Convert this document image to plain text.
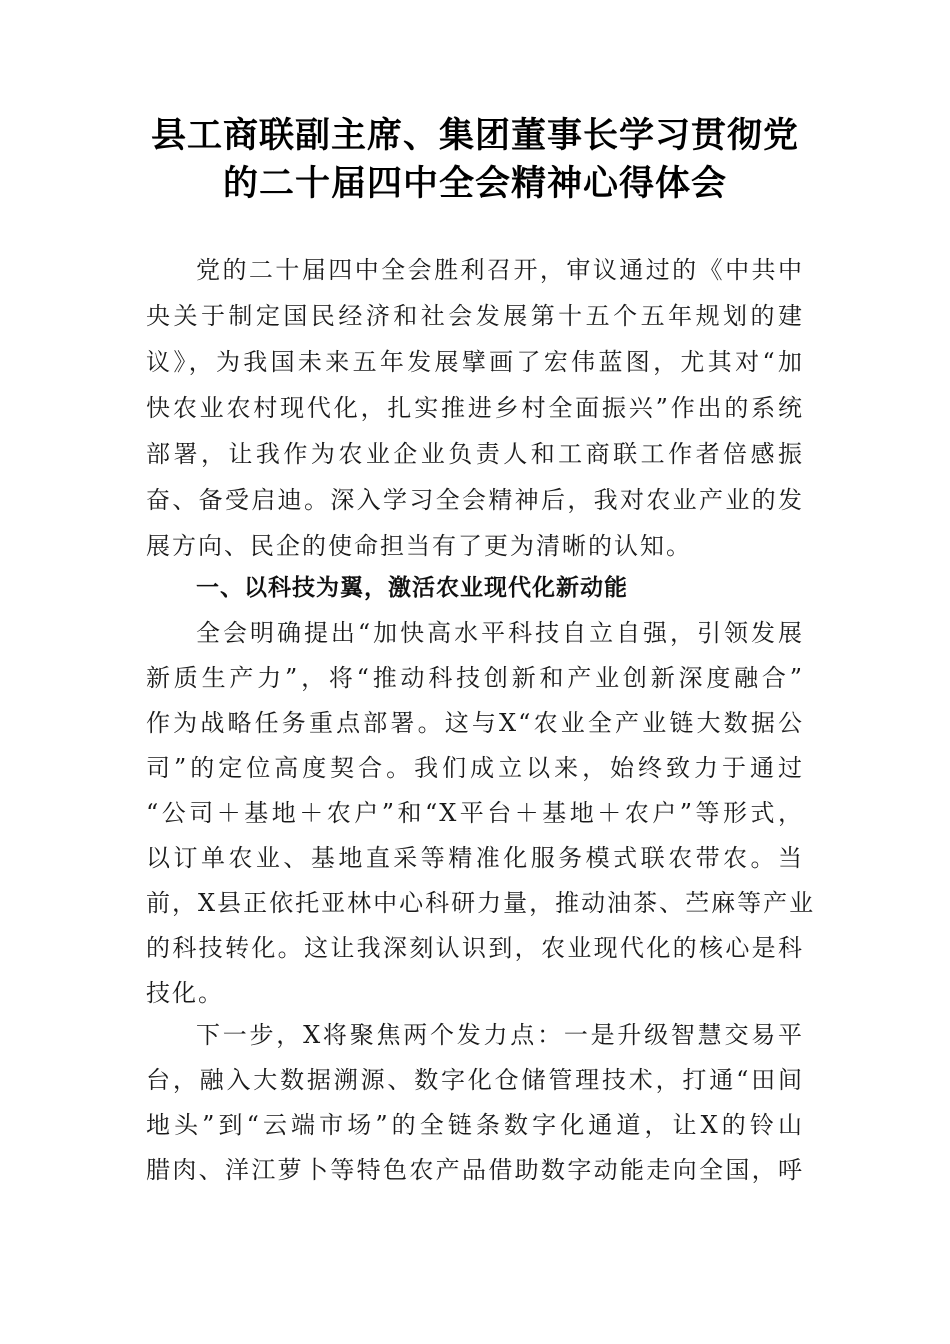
县工商联副主席、集团董事长学习贯彻党
的二十届四中全会精神心得体会
党的二十届四中全会胜利召开，审议通过的《中共中
央关于制定国民经济和社会发展第十五个五年规划的建
议》，为我国未来五年发展擘画了宏伟蓝图，尤其对“加
快农业农村现代化，扎实推进乡村全面振兴”作出的系统
部署，让我作为农业企业负责人和工商联工作者倍感振
奋、备受启迪。深入学习全会精神后，我对农业产业的发
展方向、民企的使命担当有了更为清晰的认知。
一、以科技为翼，激活农业现代化新动能
全会明确提出“加快高水平科技自立自强，引领发展
新质生产力”，将“推动科技创新和产业创新深度融合”
作为战略任务重点部署。这与X“农业全产业链大数据公
司”的定位高度契合。我们成立以来，始终致力于通过
“公司＋基地＋农户”和“X平台＋基地＋农户”等形式，
以订单农业、基地直采等精准化服务模式联农带农。当
前，X县正依托亚林中心科研力量，推动油茶、苎麻等产业
的科技转化。这让我深刻认识到，农业现代化的核心是科
技化。
下一步，X将聚焦两个发力点：一是升级智慧交易平
台，融入大数据溯源、数字化仓储管理技术，打通“田间
地头”到“云端市场”的全链条数字化通道，让X的铃山
腊肉、洋江萝卜等特色农产品借助数字动能走向全国，呼
